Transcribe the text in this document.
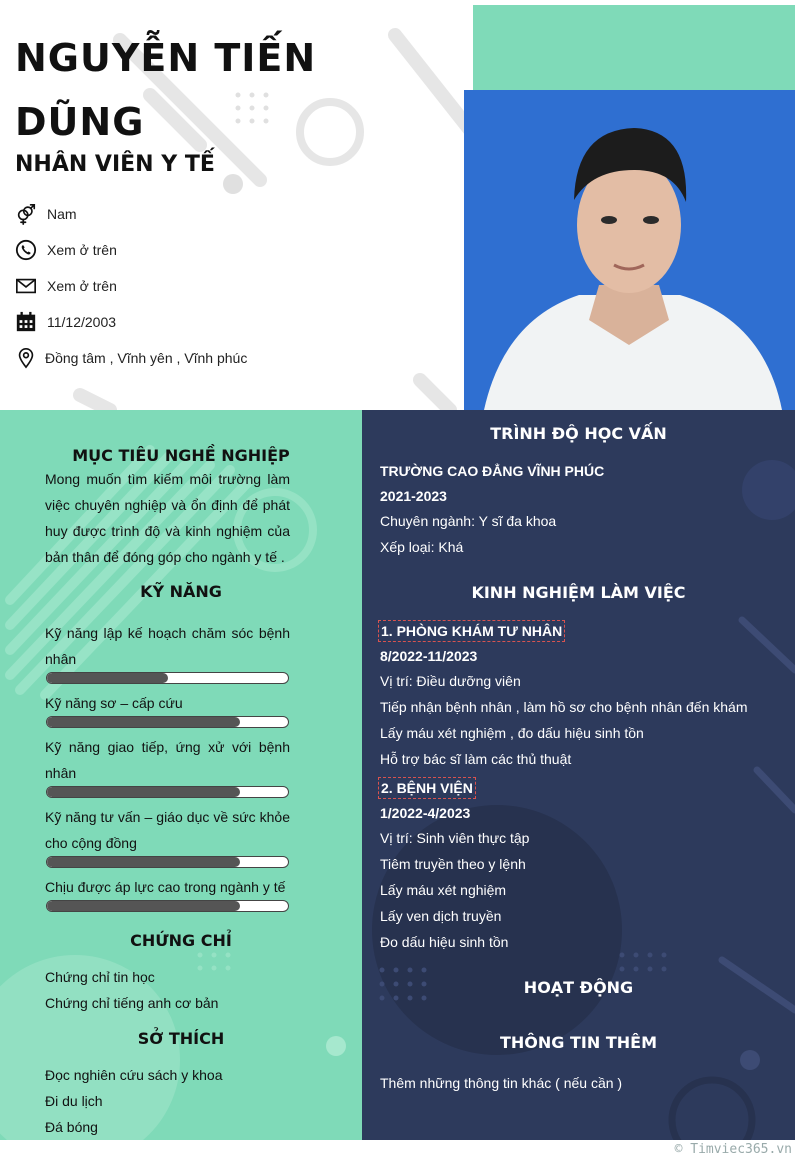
NGUYỄN TIẾN DŨNG
NHÂN VIÊN Y TẾ
Nam
Xem ở trên
Xem ở trên
11/12/2003
Đồng tâm , Vĩnh yên , Vĩnh phúc
MỤC TIÊU NGHỀ NGHIỆP
Mong muốn tìm kiếm môi trường làm việc chuyên nghiệp và ổn định để phát huy được trình độ và kinh nghiệm của bản thân để đóng góp cho ngành y tế .
KỸ NĂNG
Kỹ năng lập kế hoạch chăm sóc bệnh nhân
Kỹ năng sơ – cấp cứu
Kỹ năng giao tiếp, ứng xử với bệnh nhân
Kỹ năng tư vấn – giáo dục về sức khỏe cho cộng đồng
Chịu được áp lực cao trong ngành y tế
CHỨNG CHỈ
Chứng chỉ tin học
Chứng chỉ tiếng anh cơ bản
SỞ THÍCH
Đọc nghiên cứu sách y khoa
Đi du lịch
Đá bóng
TRÌNH ĐỘ HỌC VẤN
TRƯỜNG CAO ĐẲNG VĨNH PHÚC
2021-2023
Chuyên ngành: Y sĩ đa khoa
Xếp loại: Khá
KINH NGHIỆM LÀM VIỆC
1. PHÒNG KHÁM TƯ NHÂN
8/2022-11/2023
Vị trí: Điều dưỡng viên
Tiếp nhận bệnh nhân , làm hồ sơ cho bệnh nhân đến khám
Lấy máu xét nghiệm , đo dấu hiệu sinh tồn
Hỗ trợ bác sĩ làm các thủ thuật
2. BỆNH VIỆN
1/2022-4/2023
Vị trí: Sinh viên thực tập
Tiêm truyền theo y lệnh
Lấy máu xét nghiệm
Lấy ven dịch truyền
Đo dấu hiệu sinh tồn
HOẠT ĐỘNG
THÔNG TIN THÊM
Thêm những thông tin khác ( nếu cần )
© Timviec365.vn
